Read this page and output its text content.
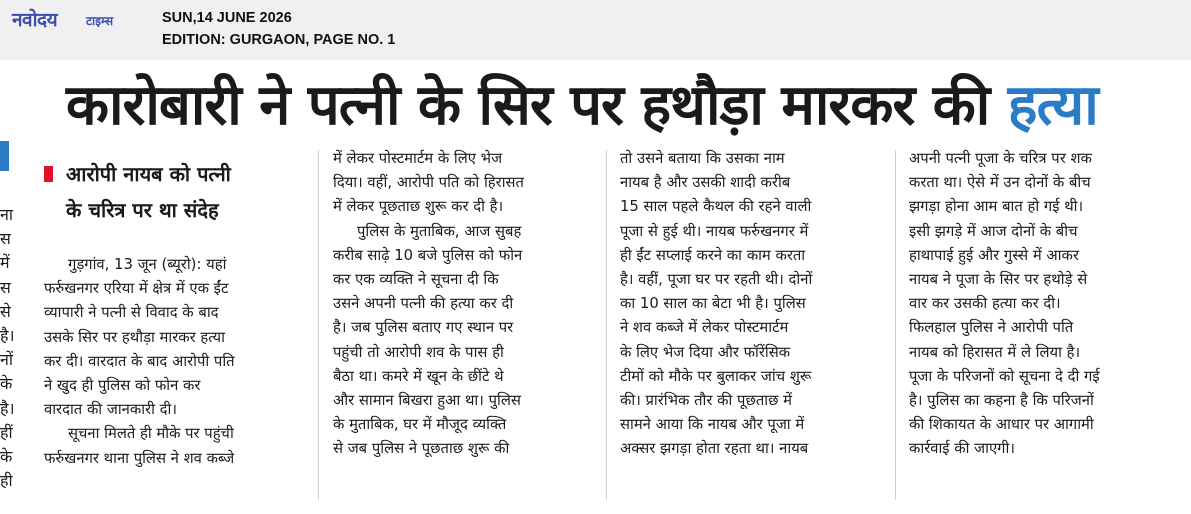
नवोदय टाइम्स	SUN,14 JUNE 2026
EDITION: GURGAON, PAGE NO. 1
ना
स
में
स
से
है।
नों
के
है।
हीं
के
ही
कारोबारी ने पत्नी के सिर पर हथौड़ा मारकर की हत्या
आरोपी नायब को पत्नी
के चरित्र पर था संदेह
गुड़गांव, 13 जून (ब्यूरो): यहां
फर्रुखनगर एरिया में क्षेत्र में एक ईंट
व्यापारी ने पत्नी से विवाद के बाद
उसके सिर पर हथौड़ा मारकर हत्या
कर दी। वारदात के बाद आरोपी पति
ने खुद ही पुलिस को फोन कर
वारदात की जानकारी दी।
सूचना मिलते ही मौके पर पहुंची
फर्रुखनगर थाना पुलिस ने शव कब्जे
में लेकर पोस्टमार्टम के लिए भेज
दिया। वहीं, आरोपी पति को हिरासत
में लेकर पूछताछ शुरू कर दी है।
पुलिस के मुताबिक, आज सुबह
करीब साढ़े 10 बजे पुलिस को फोन
कर एक व्यक्ति ने सूचना दी कि
उसने अपनी पत्नी की हत्या कर दी
है। जब पुलिस बताए गए स्थान पर
पहुंची तो आरोपी शव के पास ही
बैठा था। कमरे में खून के छींटे थे
और सामान बिखरा हुआ था। पुलिस
के मुताबिक, घर में मौजूद व्यक्ति
से जब पुलिस ने पूछताछ शुरू की
तो उसने बताया कि उसका नाम
नायब है और उसकी शादी करीब
15 साल पहले कैथल की रहने वाली
पूजा से हुई थी। नायब फर्रुखनगर में
ही ईंट सप्लाई करने का काम करता
है। वहीं, पूजा घर पर रहती थी। दोनों
का 10 साल का बेटा भी है। पुलिस
ने शव कब्जे में लेकर पोस्टमार्टम
के लिए भेज दिया और फॉरेंसिक
टीमों को मौके पर बुलाकर जांच शुरू
की। प्रारंभिक तौर की पूछताछ में
सामने आया कि नायब और पूजा में
अक्सर झगड़ा होता रहता था। नायब
अपनी पत्नी पूजा के चरित्र पर शक
करता था। ऐसे में उन दोनों के बीच
झगड़ा होना आम बात हो गई थी।
इसी झगड़े में आज दोनों के बीच
हाथापाई हुई और गुस्से में आकर
नायब ने पूजा के सिर पर हथोड़े से
वार कर उसकी हत्या कर दी।
फिलहाल पुलिस ने आरोपी पति
नायब को हिरासत में ले लिया है।
पूजा के परिजनों को सूचना दे दी गई
है। पुलिस का कहना है कि परिजनों
की शिकायत के आधार पर आगामी
कार्रवाई की जाएगी।
